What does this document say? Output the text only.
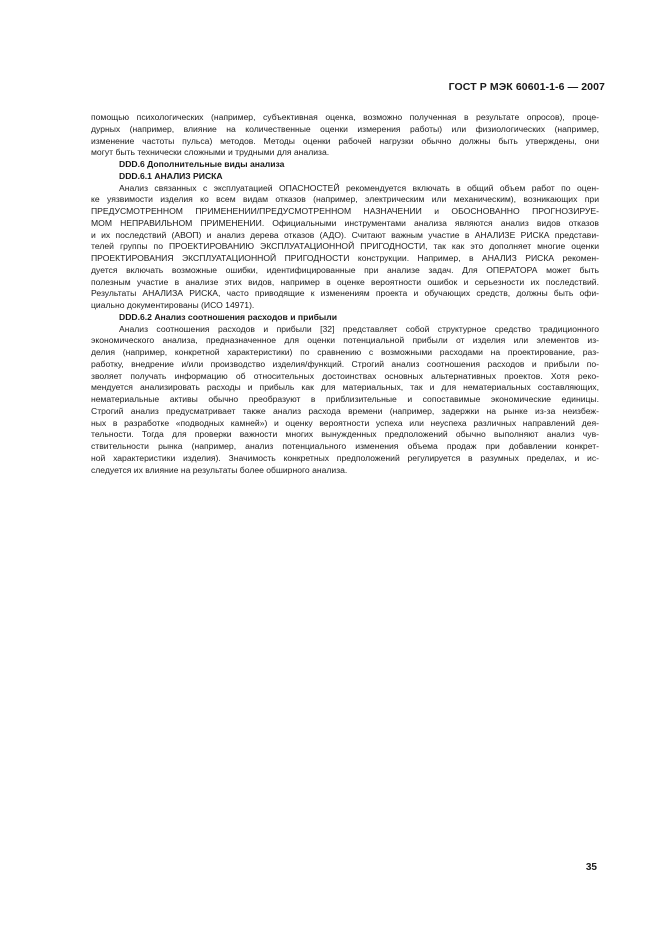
ГОСТ Р МЭК 60601-1-6 — 2007
помощью психологических (например, субъективная оценка, возможно полученная в результате опросов), проце-
дурных (например, влияние на количественные оценки измерения работы) или физиологических (например,
изменение частоты пульса) методов. Методы оценки рабочей нагрузки обычно должны быть утверждены, они
могут быть технически сложными и трудными для анализа.
DDD.6 Дополнительные виды анализа
DDD.6.1 АНАЛИЗ РИСКА
Анализ связанных с эксплуатацией ОПАСНОСТЕЙ рекомендуется включать в общий объем работ по оцен-
ке уязвимости изделия ко всем видам отказов (например, электрическим или механическим), возникающих при
ПРЕДУСМОТРЕННОМ ПРИМЕНЕНИИ/ПРЕДУСМОТРЕННОМ НАЗНАЧЕНИИ и ОБОСНОВАННО ПРОГНОЗИРУЕ-
МОМ НЕПРАВИЛЬНОМ ПРИМЕНЕНИИ. Официальными инструментами анализа являются анализ видов отказов
и их последствий (АВОП) и анализ дерева отказов (АДО). Считают важным участие в АНАЛИЗЕ РИСКА представи-
телей группы по ПРОЕКТИРОВАНИЮ ЭКСПЛУАТАЦИОННОЙ ПРИГОДНОСТИ, так как это дополняет многие оценки
ПРОЕКТИРОВАНИЯ ЭКСПЛУАТАЦИОННОЙ ПРИГОДНОСТИ конструкции. Например, в АНАЛИЗ РИСКА рекомен-
дуется включать возможные ошибки, идентифицированные при анализе задач. Для ОПЕРАТОРА может быть
полезным участие в анализе этих видов, например в оценке вероятности ошибок и серьезности их последствий.
Результаты АНАЛИЗА РИСКА, часто приводящие к изменениям проекта и обучающих средств, должны быть офи-
циально документированы (ИСО 14971).
DDD.6.2 Анализ соотношения расходов и прибыли
Анализ соотношения расходов и прибыли [32] представляет собой структурное средство традиционного
экономического анализа, предназначенное для оценки потенциальной прибыли от изделия или элементов из-
делия (например, конкретной характеристики) по сравнению с возможными расходами на проектирование, раз-
работку, внедрение и/или производство изделия/функций. Строгий анализ соотношения расходов и прибыли по-
зволяет получать информацию об относительных достоинствах основных альтернативных проектов. Хотя реко-
мендуется анализировать расходы и прибыль как для материальных, так и для нематериальных составляющих,
нематериальные активы обычно преобразуют в приблизительные и сопоставимые экономические единицы.
Строгий анализ предусматривает также анализ расхода времени (например, задержки на рынке из-за неизбеж-
ных в разработке «подводных камней») и оценку вероятности успеха или неуспеха различных направлений дея-
тельности. Тогда для проверки важности многих вынужденных предположений обычно выполняют анализ чув-
ствительности рынка (например, анализ потенциального изменения объема продаж при добавлении конкрет-
ной характеристики изделия). Значимость конкретных предположений регулируется в разумных пределах, и ис-
следуется их влияние на результаты более обширного анализа.
35
